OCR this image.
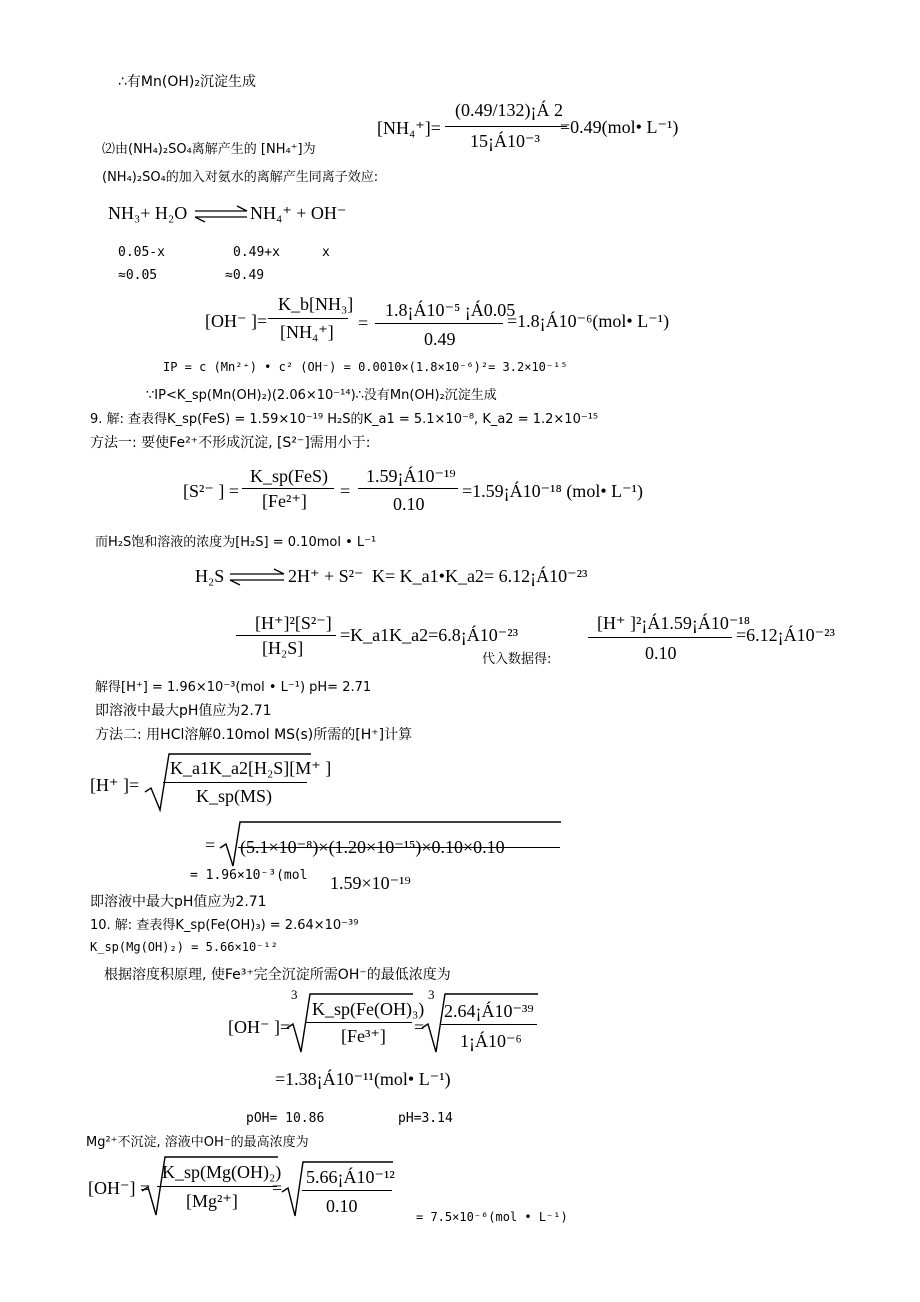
∴有Mn(OH)₂沉淀生成
[NH₄⁺]=
(0.49/132)¡Á 2
15¡Á10⁻³
=0.49(mol• L⁻¹)
⑵由(NH₄)₂SO₄离解产生的 [NH₄⁺]为
(NH₄)₂SO₄的加入对氨水的离解产生同离子效应:
NH₃+ H₂O ⇌ NH₄⁺ + OH⁻
0.05-x	0.49+x	x
≈0.05	≈0.49
[OH⁻ ]=
K_b[NH₃]
[NH₄⁺] =
1.8¡Á10⁻⁵ ¡Á0.05
0.49
=1.8¡Á10⁻⁶(mol• L⁻¹)
IP = c (Mn²⁺) • c² (OH⁻) = 0.0010×(1.8×10⁻⁶)²= 3.2×10⁻¹⁵
∵IP<K_sp(Mn(OH)₂)(2.06×10⁻¹⁴)∴没有Mn(OH)₂沉淀生成
9. 解: 查表得K_sp(FeS) = 1.59×10⁻¹⁹ H₂S的K_a1 = 5.1×10⁻⁸, K_a2 = 1.2×10⁻¹⁵
方法一: 要使Fe²⁺不形成沉淀, [S²⁻]需用小于:
[S²⁻ ] =
K_sp(FeS)
[Fe²⁺] =
1.59¡Á10⁻¹⁹
0.10
=1.59¡Á10⁻¹⁸ (mol• L⁻¹)
而H₂S饱和溶液的浓度为[H₂S] = 0.10mol • L⁻¹
H₂S ⇌ 2H⁺ + S²⁻ K= K_a1•K_a2= 6.12¡Á10⁻²³
[H⁺]²[S²⁻]
[H₂S]
=K_a1K_a2=6.8¡Á10⁻²³
代入数据得:
[H⁺ ]²¡Á1.59¡Á10⁻¹⁸
0.10
=6.12¡Á10⁻²³
解得[H⁺] = 1.96×10⁻³(mol • L⁻¹) pH= 2.71
即溶液中最大pH值应为2.71
方法二: 用HCl溶解0.10mol MS(s)所需的[H⁺]计算
[H⁺ ]=
K_a1K_a2[H₂S][M⁺ ]
K_sp(MS)
= (5.1×10⁻⁸)×(1.20×10⁻¹⁵)×0.10×0.10
= 1.96×10⁻³(mol 1.59×10⁻¹⁹
即溶液中最大pH值应为2.71
10. 解: 查表得K_sp(Fe(OH)₃) = 2.64×10⁻³⁹
K_sp(Mg(OH)₂) = 5.66×10⁻¹²
根据溶度积原理, 使Fe³⁺完全沉淀所需OH⁻的最低浓度为
[OH⁻ ]=
3
K_sp(Fe(OH)₃)
[Fe³⁺] =
3
2.64¡Á10⁻³⁹
1¡Á10⁻⁶
=1.38¡Á10⁻¹¹(mol• L⁻¹)
pOH= 10.86	pH=3.14
Mg²⁺不沉淀, 溶液中OH⁻的最高浓度为
[OH⁻] =
K_sp(Mg(OH)₂)
[Mg²⁺]
=
5.66¡Á10⁻¹²
0.10
= 7.5×10⁻⁶(mol • L⁻¹)
